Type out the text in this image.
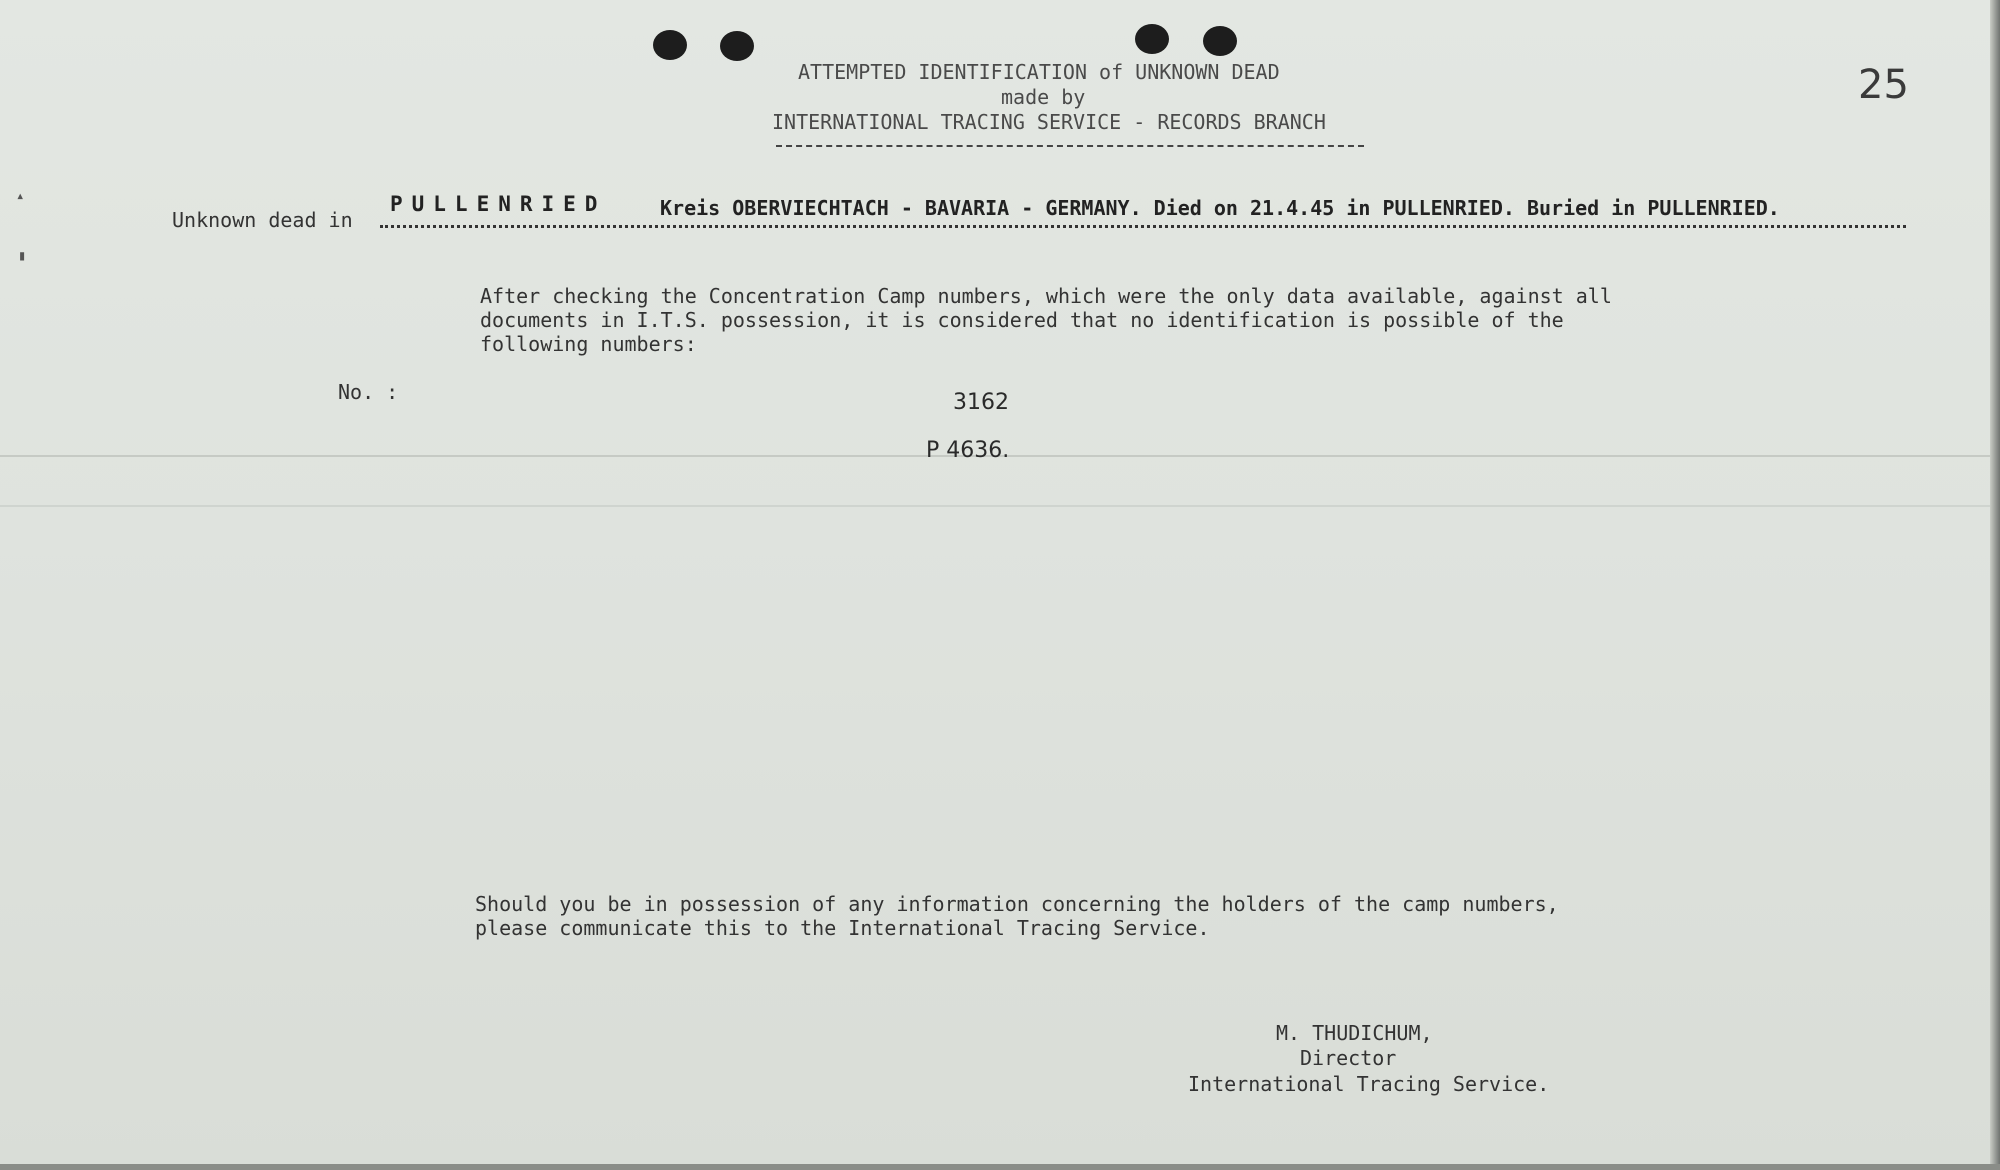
▴
▮
25
ATTEMPTED IDENTIFICATION of UNKNOWN DEAD
made by
INTERNATIONAL TRACING SERVICE - RECORDS BRANCH
Unknown dead in
PULLENRIED	Kreis OBERVIECHTACH - BAVARIA - GERMANY. Died on 21.4.45 in PULLENRIED. Buried in PULLENRIED.
After checking the Concentration Camp numbers, which were the only data available, against all
documents in I.T.S. possession, it is considered that no identification is possible of the
following numbers:
No. :	3162
P 4636.
Should you be in possession of any information concerning the holders of the camp numbers,
please communicate this to the International Tracing Service.
M. THUDICHUM,
Director
International Tracing Service.
